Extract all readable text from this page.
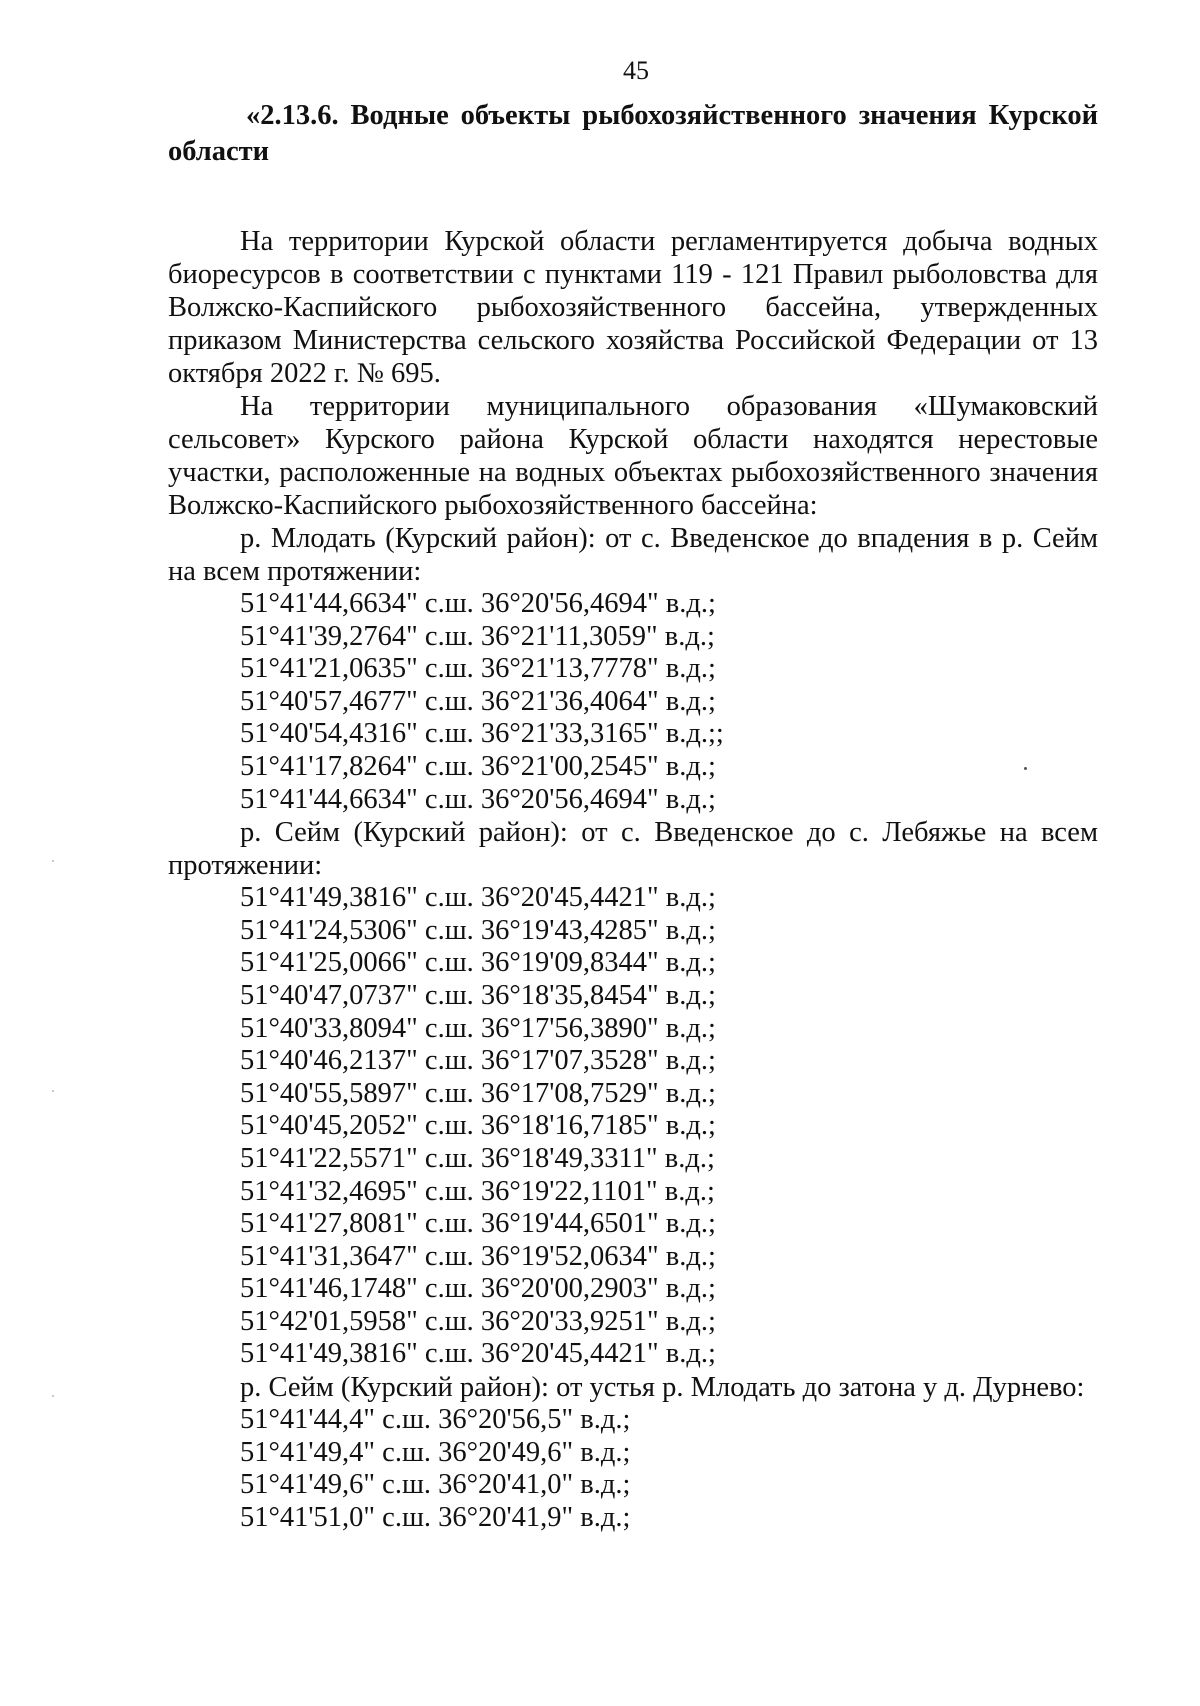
45
«2.13.6. Водные объекты рыбохозяйственного значения Курской области

На территории Курской области регламентируется добыча водных биоресурсов в соответствии с пунктами 119 - 121 Правил рыболовства для Волжско-Каспийского рыбохозяйственного бассейна, утвержденных приказом Министерства сельского хозяйства Российской Федерации от 13 октября 2022 г. № 695.

На территории муниципального образования «Шумаковский сельсовет» Курского района Курской области находятся нерестовые участки, расположенные на водных объектах рыбохозяйственного значения Волжско-Каспийского рыбохозяйственного бассейна:

р. Млодать (Курский район): от с. Введенское до впадения в р. Сейм на всем протяжении:

51°41'44,6634" с.ш. 36°20'56,4694" в.д.;
51°41'39,2764" с.ш. 36°21'11,3059" в.д.;
51°41'21,0635" с.ш. 36°21'13,7778" в.д.;
51°40'57,4677" с.ш. 36°21'36,4064" в.д.;
51°40'54,4316" с.ш. 36°21'33,3165" в.д.;;
51°41'17,8264" с.ш. 36°21'00,2545" в.д.;
51°41'44,6634" с.ш. 36°20'56,4694" в.д.;

р. Сейм (Курский район): от с. Введенское до с. Лебяжье на всем протяжении:

51°41'49,3816" с.ш. 36°20'45,4421" в.д.;
51°41'24,5306" с.ш. 36°19'43,4285" в.д.;
51°41'25,0066" с.ш. 36°19'09,8344" в.д.;
51°40'47,0737" с.ш. 36°18'35,8454" в.д.;
51°40'33,8094" с.ш. 36°17'56,3890" в.д.;
51°40'46,2137" с.ш. 36°17'07,3528" в.д.;
51°40'55,5897" с.ш. 36°17'08,7529" в.д.;
51°40'45,2052" с.ш. 36°18'16,7185" в.д.;
51°41'22,5571" с.ш. 36°18'49,3311" в.д.;
51°41'32,4695" с.ш. 36°19'22,1101" в.д.;
51°41'27,8081" с.ш. 36°19'44,6501" в.д.;
51°41'31,3647" с.ш. 36°19'52,0634" в.д.;
51°41'46,1748" с.ш. 36°20'00,2903" в.д.;
51°42'01,5958" с.ш. 36°20'33,9251" в.д.;
51°41'49,3816" с.ш. 36°20'45,4421" в.д.;

р. Сейм (Курский район): от устья р. Млодать до затона у д. Дурнево:

51°41'44,4" с.ш. 36°20'56,5" в.д.;
51°41'49,4" с.ш. 36°20'49,6" в.д.;
51°41'49,6" с.ш. 36°20'41,0" в.д.;
51°41'51,0" с.ш. 36°20'41,9" в.д.;
